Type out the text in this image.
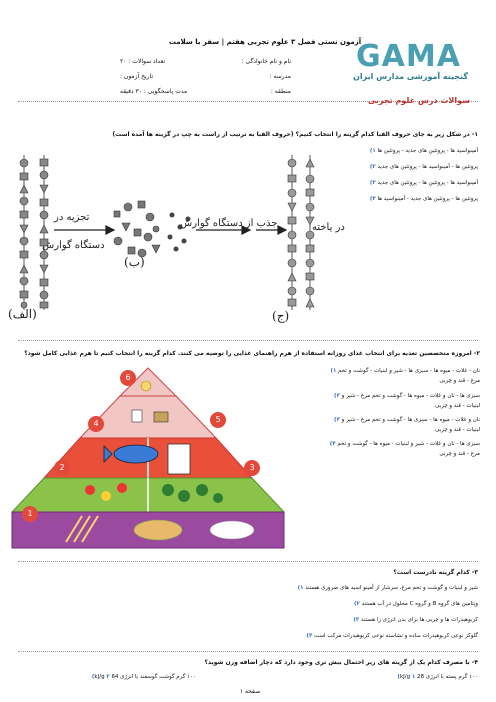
آزمون نستی فصل ۳ علوم تجربی هفتم | سفر با سلامت
نام و نام خانوادگی :
تعداد سوالات : ۲۰
مدرسه :
تاریخ آزمون :
منطقه :
مدت پاسخگویی : ۳۰ دقیقه
GAMA
گنجینه آموزشی مدارس ایران
سوالات درس علوم تجربی
۱- در شکل زیر به جای حروف الفبا کدام گزینه را انتخاب کنیم؟ (حروف الفبا به ترتیب از راست به چپ در گزینه ها آمده است)
آمینواسید ها - پروتئین های جدید - پروتئین ها ۱)
پروتئین ها - آمینواسید ها - پروتئین های جدید ۲)
آمینواسید ها - پروتئین ها - پروتئین های جدید ۳)
پروتئین ها - پروتئین های جدید - آمینواسید ها ۴)
تجزیه در
دستگاه گوارش
جذب از دستگاه گوارش	در یاخته
(ب)
(الف)	(ج)
۲- امروزه متخصصین تغذیه برای انتخاب غذای روزانه استفاده از هرم راهنمای غذایی را توصیه می کنند. کدام گزینه را انتخاب کنیم تا هرم غذایی کامل شود؟
1
2	3
4	5
6
نان - غلات - میوه ها - سبزی ها - شیر و لبنیات - گوشت و تخم ۱)
مرغ - قند و چربی
سبزی ها - نان و غلات - میوه ها - گوشت و تخم مرغ - شیر و ۲)
لبنیات - قند و چربی
نان و غلات - میوه ها - سبزی ها - گوشت و تخم مرغ - شیر و ۳)
لبنیات - قند و چربی
سبزی ها - نان و غلات - شیر و لبنیات - میوه ها - گوشت و تخم ۴)
مرغ - قند و چربی
۳- کدام گزینه نادرست است؟
شیر و لبنیات و گوشت و تخم مرغ، سرشار از آمینو اسید های ضروری هستند ۱)
ویتامین های گروه B و گروه C محلول در آب هستند ۲)
کربوهیدرات ها و چربی ها برای بدن انرژی زا هستند ۳)
گلوکز نوعی کربوهیدرات ساده و نشاسته نوعی کربوهیدرات مرکب است ۴)
۴- با مصرف کدام یک از گزینه های زیر احتمال بیش تری وجود دارد که دچار اضافه وزن شوید؟
۱۰۰ گرم پسته با انرژی 28 kJ/g ۱)
۱۰۰ گرم گوشت گوسفند با انرژی 64 kJ/g ۲)
صفحه ۱
